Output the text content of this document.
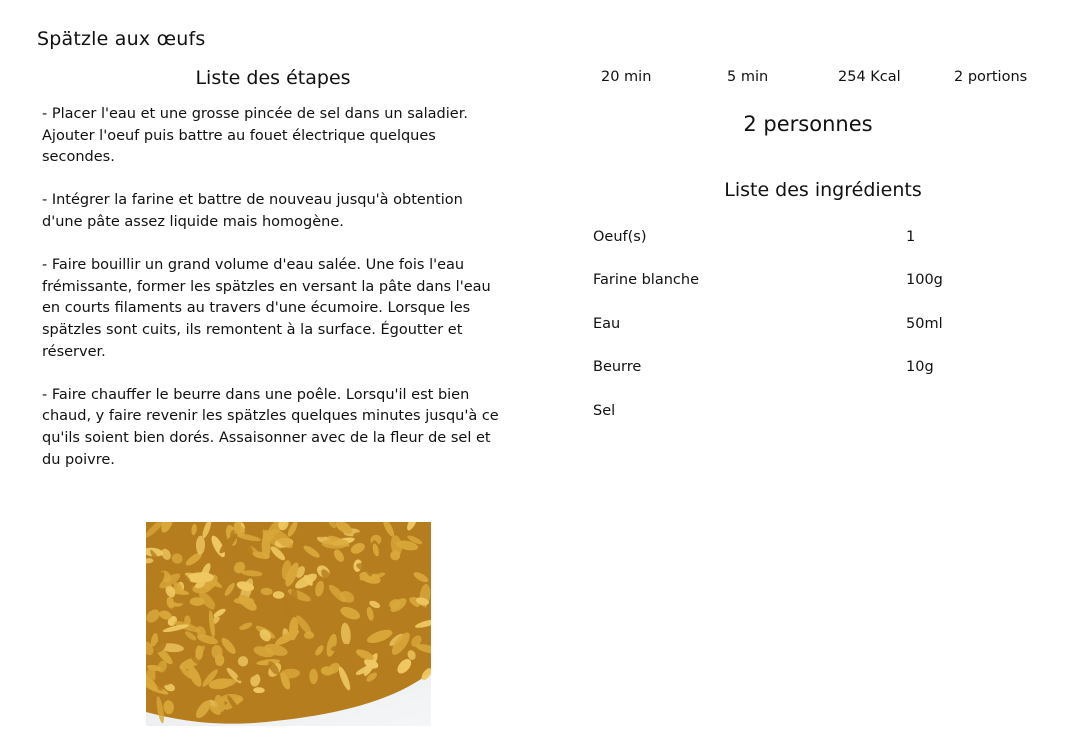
Spätzle aux œufs
Liste des étapes

- Placer l'eau et une grosse pincée de sel dans un saladier. Ajouter l'oeuf puis battre au fouet électrique quelques secondes.

- Intégrer la farine et battre de nouveau jusqu'à obtention d'une pâte assez liquide mais homogène.

- Faire bouillir un grand volume d'eau salée. Une fois l'eau frémissante, former les spätzles en versant la pâte dans l'eau en courts filaments au travers d'une écumoire. Lorsque les spätzles sont cuits, ils remontent à la surface. Égoutter et réserver.

- Faire chauffer le beurre dans une poêle. Lorsqu'il est bien chaud, y faire revenir les spätzles quelques minutes jusqu'à ce qu'ils soient bien dorés. Assaisonner avec de la fleur de sel et du poivre.

20 min	5 min	254 Kcal	2 portions
2 personnes
Liste des ingrédients
Oeuf(s)	1
Farine blanche	100g
Eau	50ml
Beurre	10g
Sel
